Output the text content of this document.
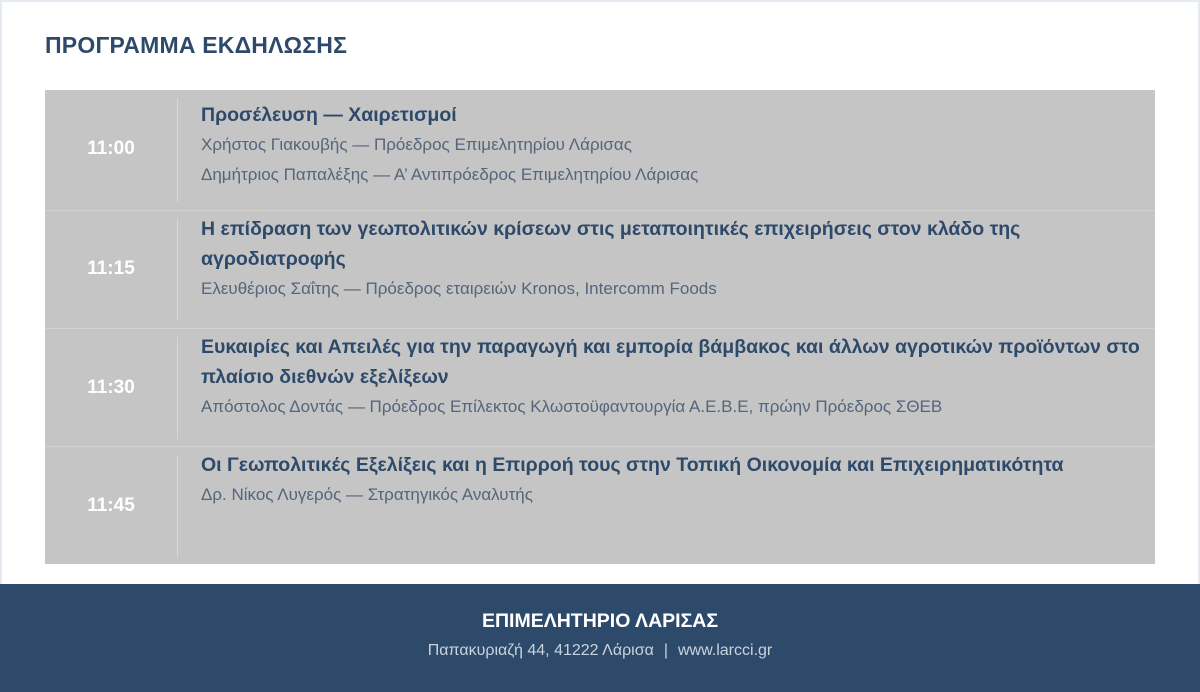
ΠΡΟΓΡΑΜΜΑ ΕΚΔΗΛΩΣΗΣ
11:00

Προσέλευση — Χαιρετισμοί

Χρήστος Γιακουβής — Πρόεδρος Επιμελητηρίου Λάρισας

Δημήτριος Παπαλέξης — Α’ Αντιπρόεδρος Επιμελητηρίου Λάρισας

11:15

Η επίδραση των γεωπολιτικών κρίσεων στις μεταποιητικές επιχειρήσεις στον κλάδο της αγροδιατροφής

Ελευθέριος Σαΐτης — Πρόεδρος εταιρειών Kronos, Intercomm Foods

11:30

Ευκαιρίες και Απειλές για την παραγωγή και εμπορία βάμβακος και άλλων αγροτικών προϊόντων στο πλαίσιο διεθνών εξελίξεων

Απόστολος Δοντάς — Πρόεδρος Επίλεκτος Κλωστοϋφαντουργία Α.Ε.Β.Ε, πρώην Πρόεδρος ΣΘΕΒ

11:45

Οι Γεωπολιτικές Εξελίξεις και η Επιρροή τους στην Τοπική Οικονομία και Επιχειρηματικότητα

Δρ. Νίκος Λυγερός — Στρατηγικός Αναλυτής

ΕΠΙΜΕΛΗΤΗΡΙΟ ΛΑΡΙΣΑΣ
Παπακυριαζή 44, 41222 Λάρισα | www.larcci.gr
